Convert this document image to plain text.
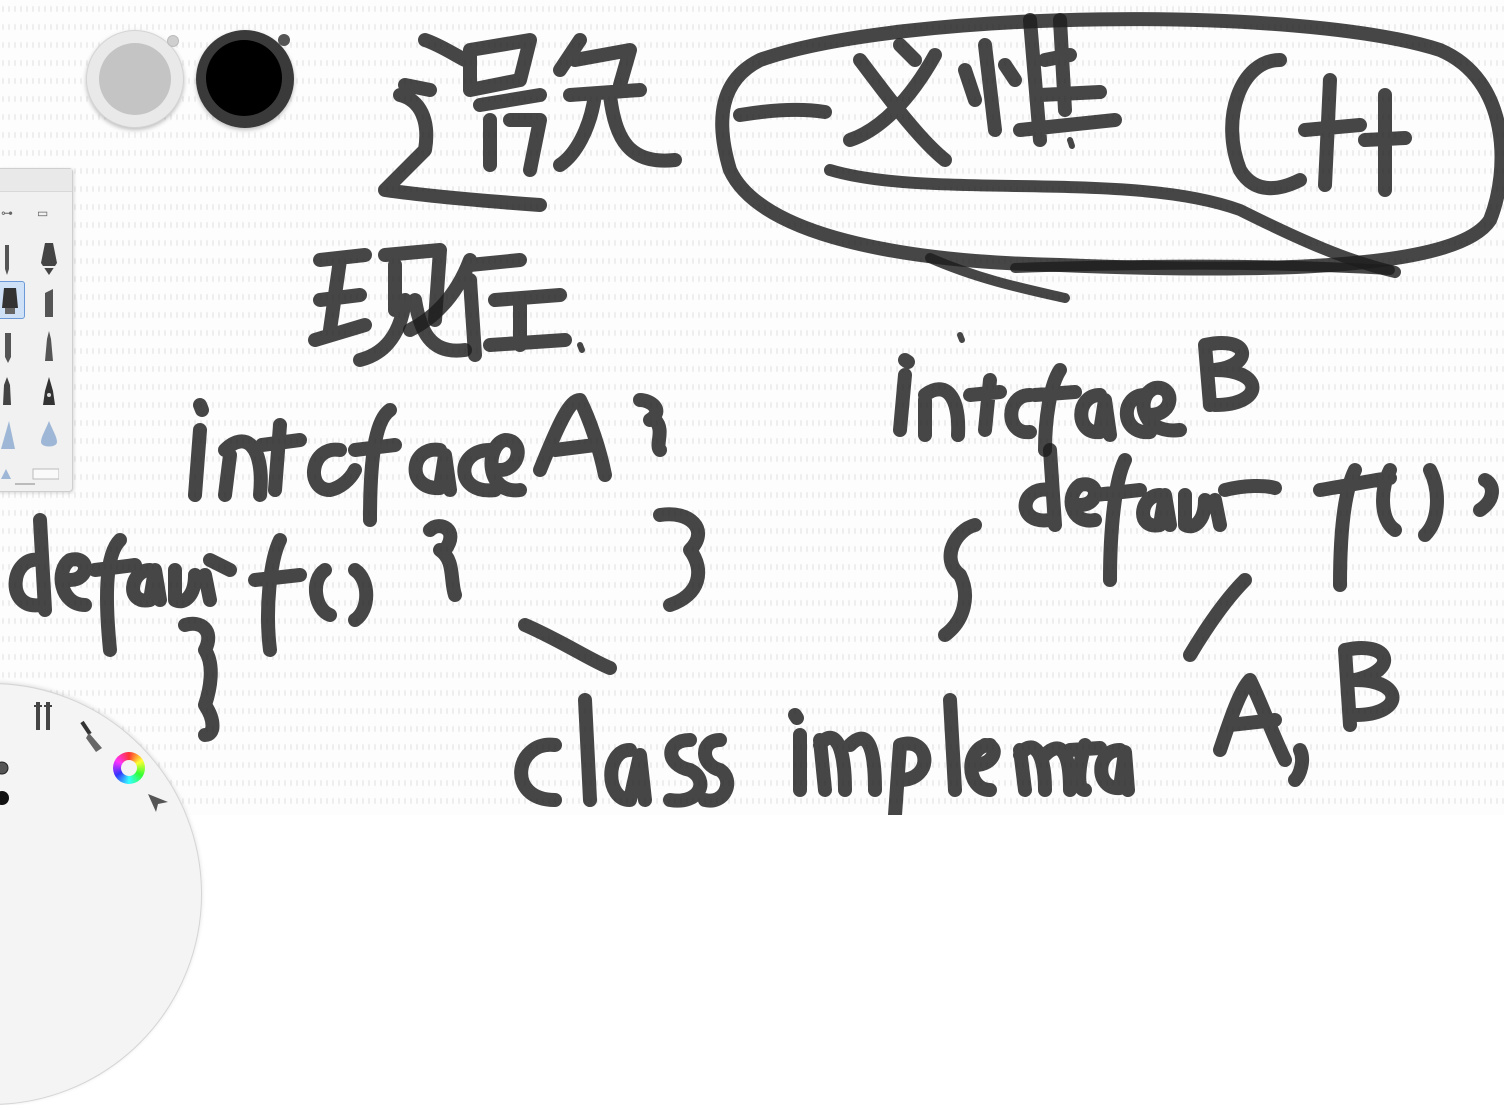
⊶ ▭
